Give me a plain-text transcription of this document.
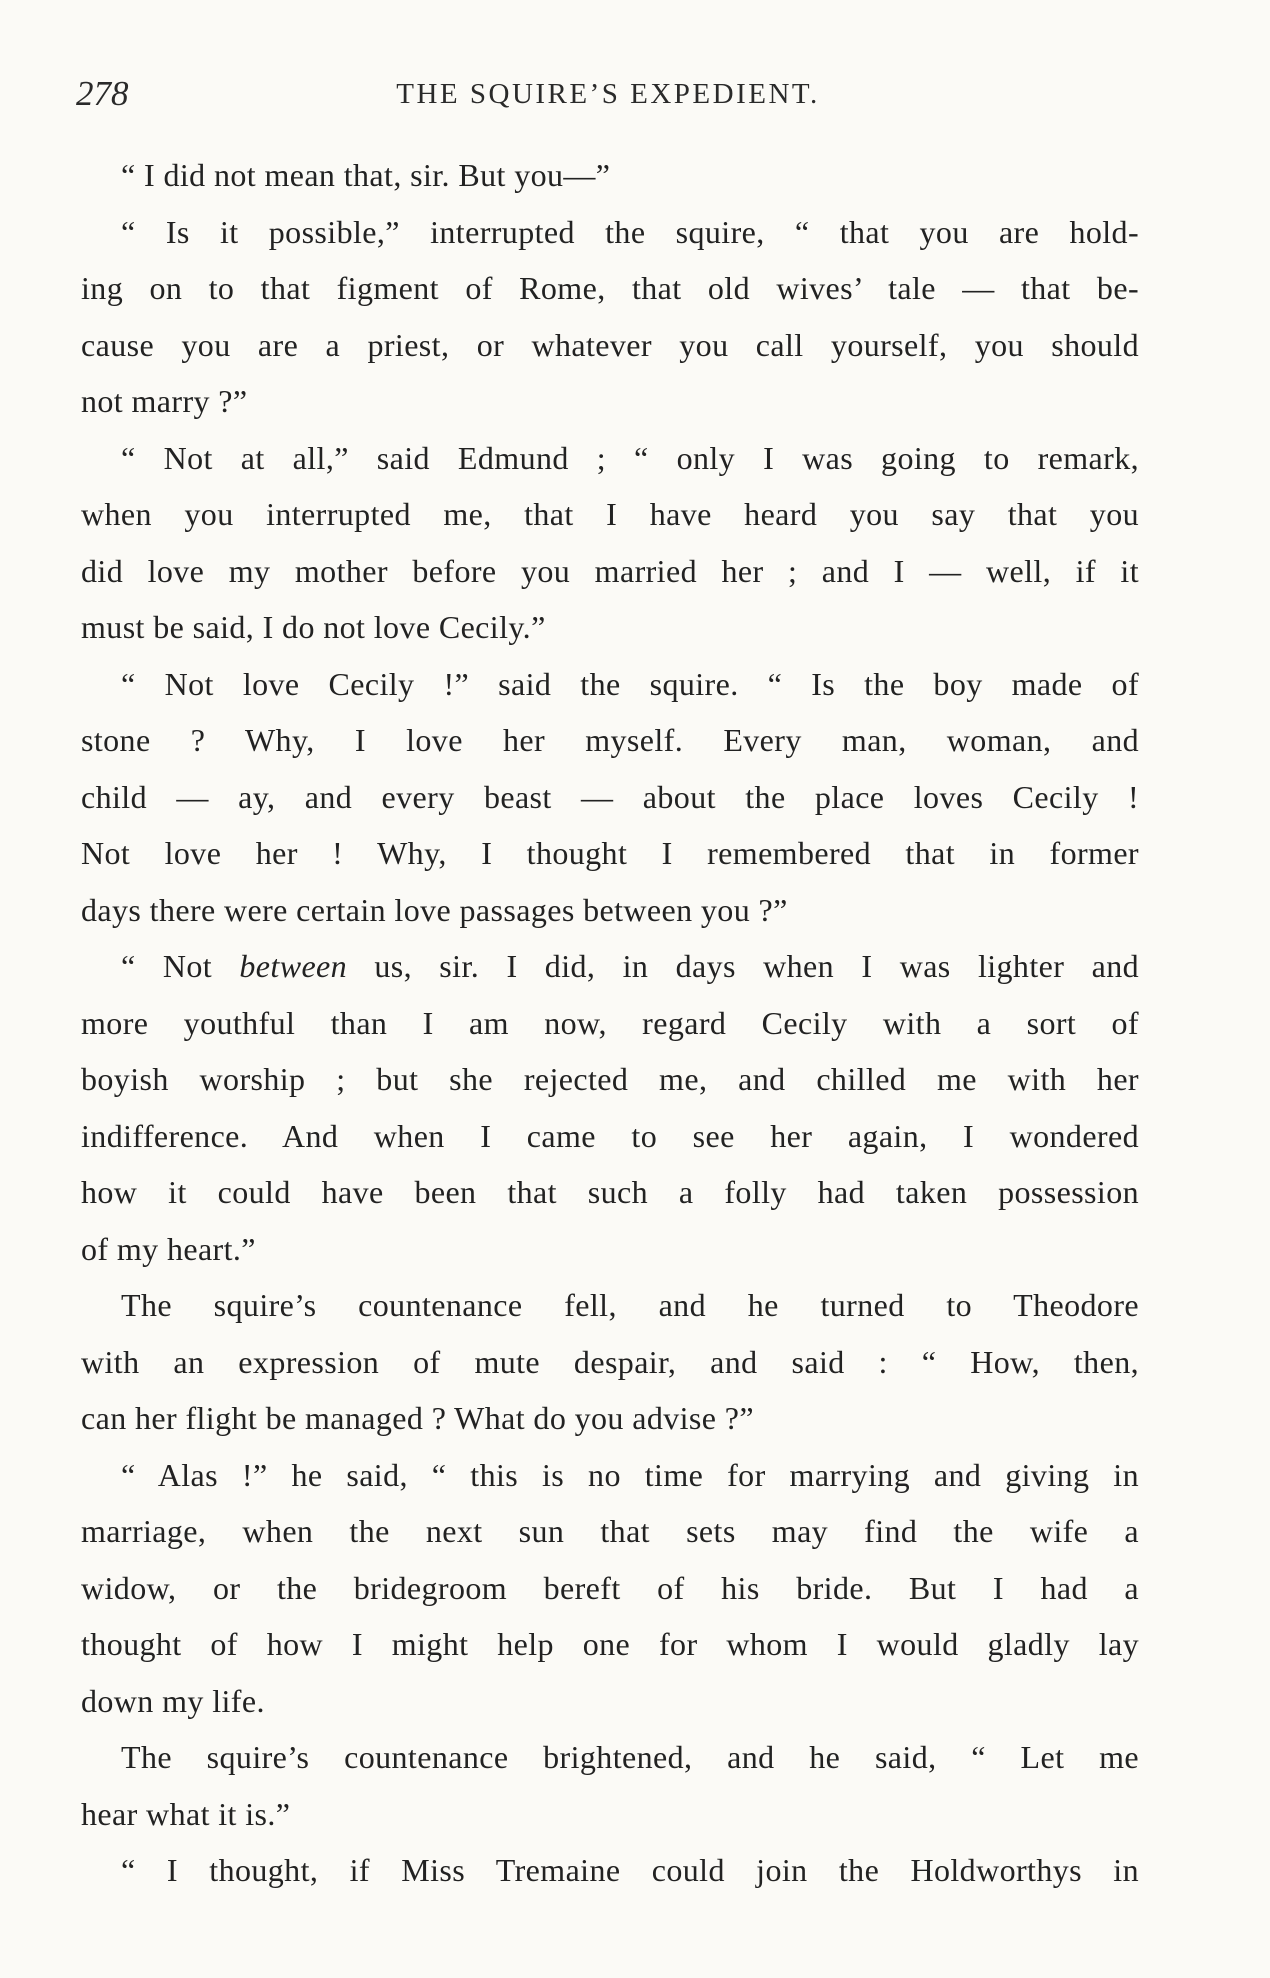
278	THE SQUIRE’S EXPEDIENT.
“ I did not mean that, sir. But you—”
“ Is it possible,” interrupted the squire, “ that you are hold-
ing on to that figment of Rome, that old wives’ tale — that be-
cause you are a priest, or whatever you call yourself, you should
not marry ?”
“ Not at all,” said Edmund ; “ only I was going to remark,
when you interrupted me, that I have heard you say that you
did love my mother before you married her ; and I — well, if it
must be said, I do not love Cecily.”
“ Not love Cecily !” said the squire. “ Is the boy made of
stone ? Why, I love her myself. Every man, woman, and
child — ay, and every beast — about the place loves Cecily !
Not love her ! Why, I thought I remembered that in former
days there were certain love passages between you ?”
“ Not between us, sir. I did, in days when I was lighter and
more youthful than I am now, regard Cecily with a sort of
boyish worship ; but she rejected me, and chilled me with her
indifference. And when I came to see her again, I wondered
how it could have been that such a folly had taken possession
of my heart.”
The squire’s countenance fell, and he turned to Theodore
with an expression of mute despair, and said : “ How, then,
can her flight be managed ? What do you advise ?”
“ Alas !” he said, “ this is no time for marrying and giving in
marriage, when the next sun that sets may find the wife a
widow, or the bridegroom bereft of his bride. But I had a
thought of how I might help one for whom I would gladly lay
down my life.
The squire’s countenance brightened, and he said, “ Let me
hear what it is.”
“ I thought, if Miss Tremaine could join the Holdworthys in
